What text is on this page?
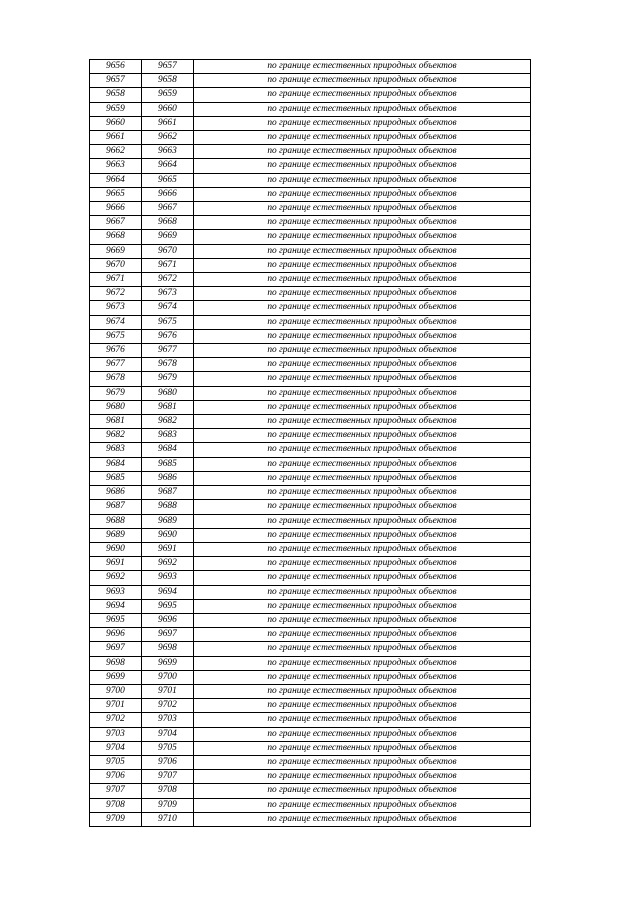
9656	9657	по границе естественных природных объектов
9657	9658	по границе естественных природных объектов
9658	9659	по границе естественных природных объектов
9659	9660	по границе естественных природных объектов
9660	9661	по границе естественных природных объектов
9661	9662	по границе естественных природных объектов
9662	9663	по границе естественных природных объектов
9663	9664	по границе естественных природных объектов
9664	9665	по границе естественных природных объектов
9665	9666	по границе естественных природных объектов
9666	9667	по границе естественных природных объектов
9667	9668	по границе естественных природных объектов
9668	9669	по границе естественных природных объектов
9669	9670	по границе естественных природных объектов
9670	9671	по границе естественных природных объектов
9671	9672	по границе естественных природных объектов
9672	9673	по границе естественных природных объектов
9673	9674	по границе естественных природных объектов
9674	9675	по границе естественных природных объектов
9675	9676	по границе естественных природных объектов
9676	9677	по границе естественных природных объектов
9677	9678	по границе естественных природных объектов
9678	9679	по границе естественных природных объектов
9679	9680	по границе естественных природных объектов
9680	9681	по границе естественных природных объектов
9681	9682	по границе естественных природных объектов
9682	9683	по границе естественных природных объектов
9683	9684	по границе естественных природных объектов
9684	9685	по границе естественных природных объектов
9685	9686	по границе естественных природных объектов
9686	9687	по границе естественных природных объектов
9687	9688	по границе естественных природных объектов
9688	9689	по границе естественных природных объектов
9689	9690	по границе естественных природных объектов
9690	9691	по границе естественных природных объектов
9691	9692	по границе естественных природных объектов
9692	9693	по границе естественных природных объектов
9693	9694	по границе естественных природных объектов
9694	9695	по границе естественных природных объектов
9695	9696	по границе естественных природных объектов
9696	9697	по границе естественных природных объектов
9697	9698	по границе естественных природных объектов
9698	9699	по границе естественных природных объектов
9699	9700	по границе естественных природных объектов
9700	9701	по границе естественных природных объектов
9701	9702	по границе естественных природных объектов
9702	9703	по границе естественных природных объектов
9703	9704	по границе естественных природных объектов
9704	9705	по границе естественных природных объектов
9705	9706	по границе естественных природных объектов
9706	9707	по границе естественных природных объектов
9707	9708	по границе естественных природных объектов
9708	9709	по границе естественных природных объектов
9709	9710	по границе естественных природных объектов
